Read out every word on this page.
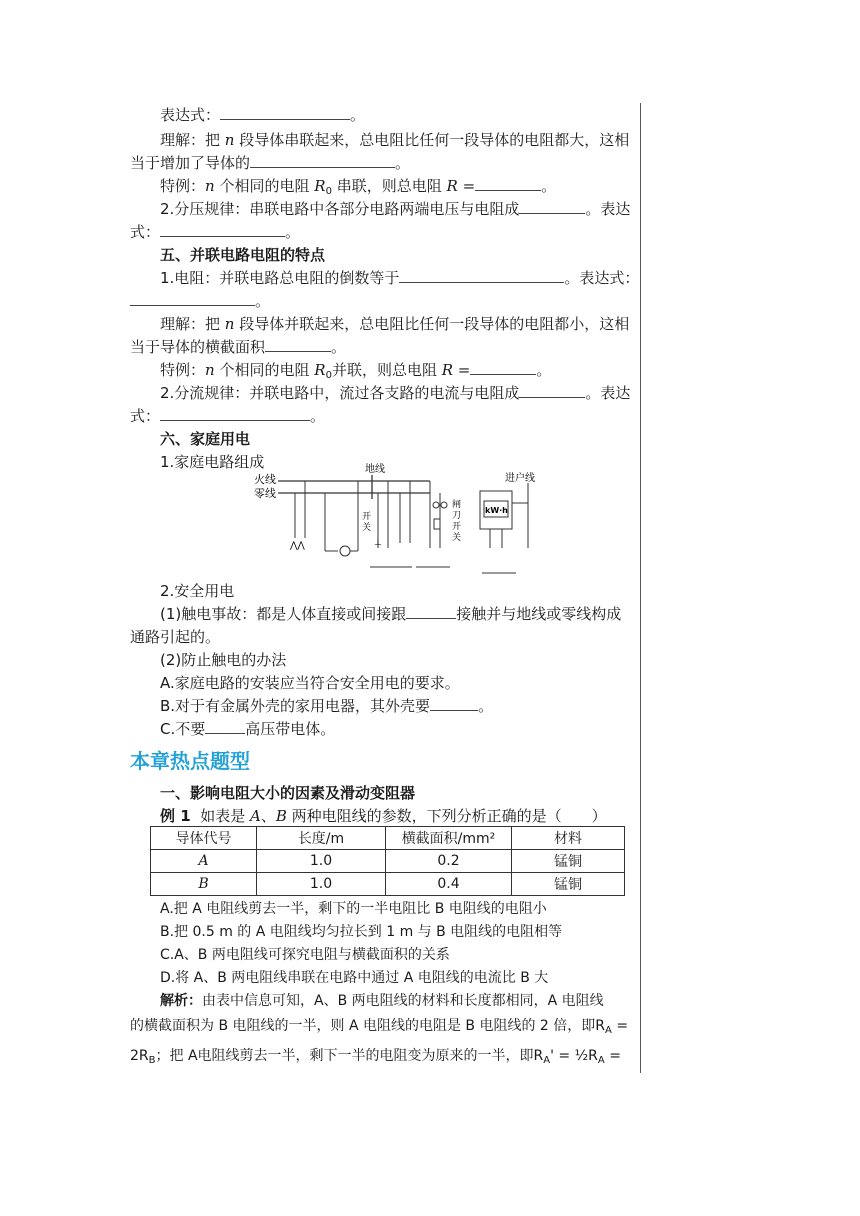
表达式：	。
理解：把 n 段导体串联起来，总电阻比任何一段导体的电阻都大，这相
当于增加了导体的	。
特例：n 个相同的电阻 $R_0$ 串联，则总电阻 R =	。
2.分压规律：串联电路中各部分电路两端电压与电阻成	。表达
式：	。
五、并联电路电阻的特点
1.电阻：并联电路总电阻的倒数等于	。表达式：
。
理解：把 n 段导体并联起来，总电阻比任何一段导体的电阻都小，这相
当于导体的横截面积	。
特例：n 个相同的电阻 $R_0$并联，则总电阻 R =	。
2.分流规律：并联电路中，流过各支路的电流与电阻成	。表达
式：	。
六、家庭用电
1.家庭电路组成
火线
零线
地线
进户线
⋀⋀
开
关
⊥
闸
刀
开
关
kW·h
2.安全用电
(1)触电事故：都是人体直接或间接跟	接触并与地线或零线构成
通路引起的。
(2)防止触电的办法
A.家庭电路的安装应当符合安全用电的要求。
B.对于有金属外壳的家用电器，其外壳要	。
C.不要	高压带电体。
本章热点题型
一、影响电阻大小的因素及滑动变阻器
例 1 如表是 A、B 两种电阻线的参数，下列分析正确的是（　　）
导体代号	长度/m	横截面积/mm²	材料
A	1.0	0.2	锰铜
B	1.0	0.4	锰铜
A.把 A 电阻线剪去一半，剩下的一半电阻比 B 电阻线的电阻小
B.把 0.5 m 的 A 电阻线均匀拉长到 1 m 与 B 电阻线的电阻相等
C.A、B 两电阻线可探究电阻与横截面积的关系
D.将 A、B 两电阻线串联在电路中通过 A 电阻线的电流比 B 大
解析：由表中信息可知，A、B 两电阻线的材料和长度都相同，A 电阻线
的横截面积为 B 电阻线的一半，则 A 电阻线的电阻是 B 电阻线的 2 倍，即$R_A$ =
$2R_B$；把 A电阻线剪去一半，剩下一半的电阻变为原来的一半，即$R_A'$ = $\frac{1}{2}R_A$ =
